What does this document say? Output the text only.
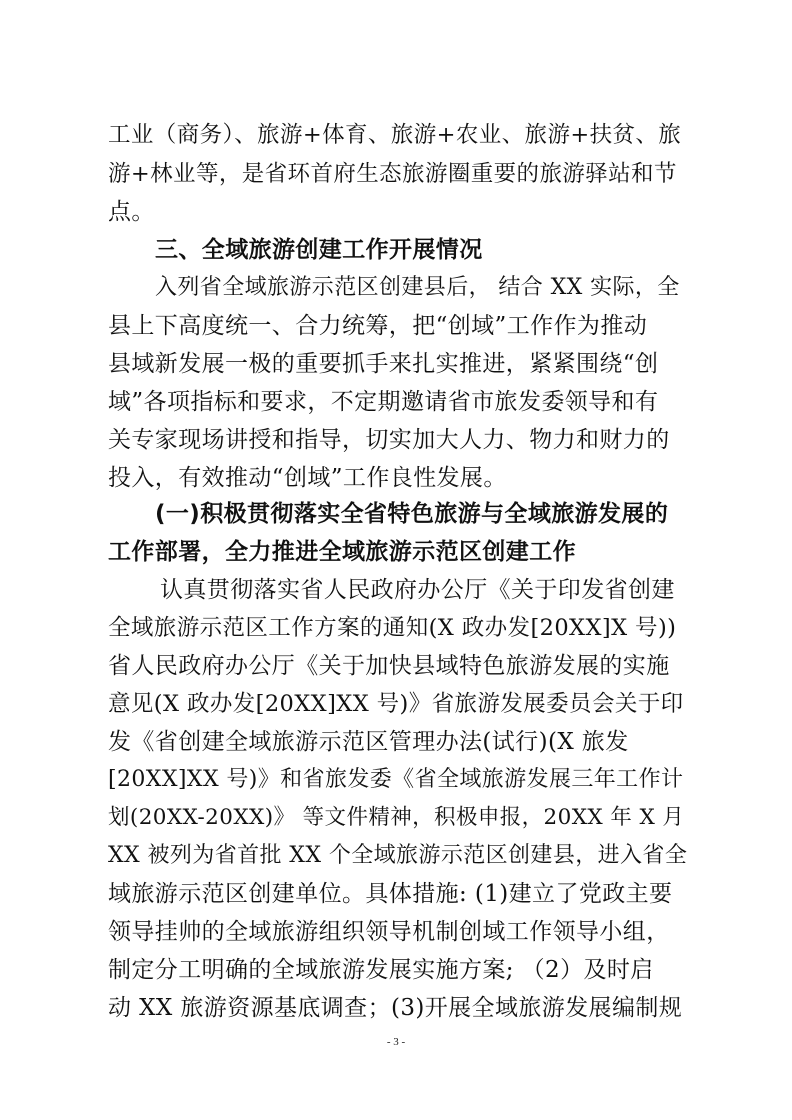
工业（商务）、旅游+体育、旅游+农业、旅游+扶贫、旅
游+林业等，是省环首府生态旅游圈重要的旅游驿站和节
点。
三、全域旅游创建工作开展情况
入列省全域旅游示范区创建县后， 结合 XX 实际，全
县上下高度统一、合力统筹，把“创域”工作作为推动
县域新发展一极的重要抓手来扎实推进，紧紧围绕“创
域”各项指标和要求，不定期邀请省市旅发委领导和有
关专家现场讲授和指导，切实加大人力、物力和财力的
投入，有效推动“创域”工作良性发展。
(一)积极贯彻落实全省特色旅游与全域旅游发展的
工作部署，全力推进全域旅游示范区创建工作
认真贯彻落实省人民政府办公厅《关于印发省创建
全域旅游示范区工作方案的通知(X 政办发[20XX]X 号))
省人民政府办公厅《关于加快县域特色旅游发展的实施
意见(X 政办发[20XX]XX 号)》省旅游发展委员会关于印
发《省创建全域旅游示范区管理办法(试行)(X 旅发
[20XX]XX 号)》和省旅发委《省全域旅游发展三年工作计
划(20XX-20XX)》 等文件精神，积极申报，20XX 年 X 月
XX 被列为省首批 XX 个全域旅游示范区创建县，进入省全
域旅游示范区创建单位。具体措施: (1)建立了党政主要
领导挂帅的全域旅游组织领导机制创域工作领导小组，
制定分工明确的全域旅游发展实施方案; （2）及时启
动 XX 旅游资源基底调查；(3)开展全域旅游发展编制规
- 3 -
